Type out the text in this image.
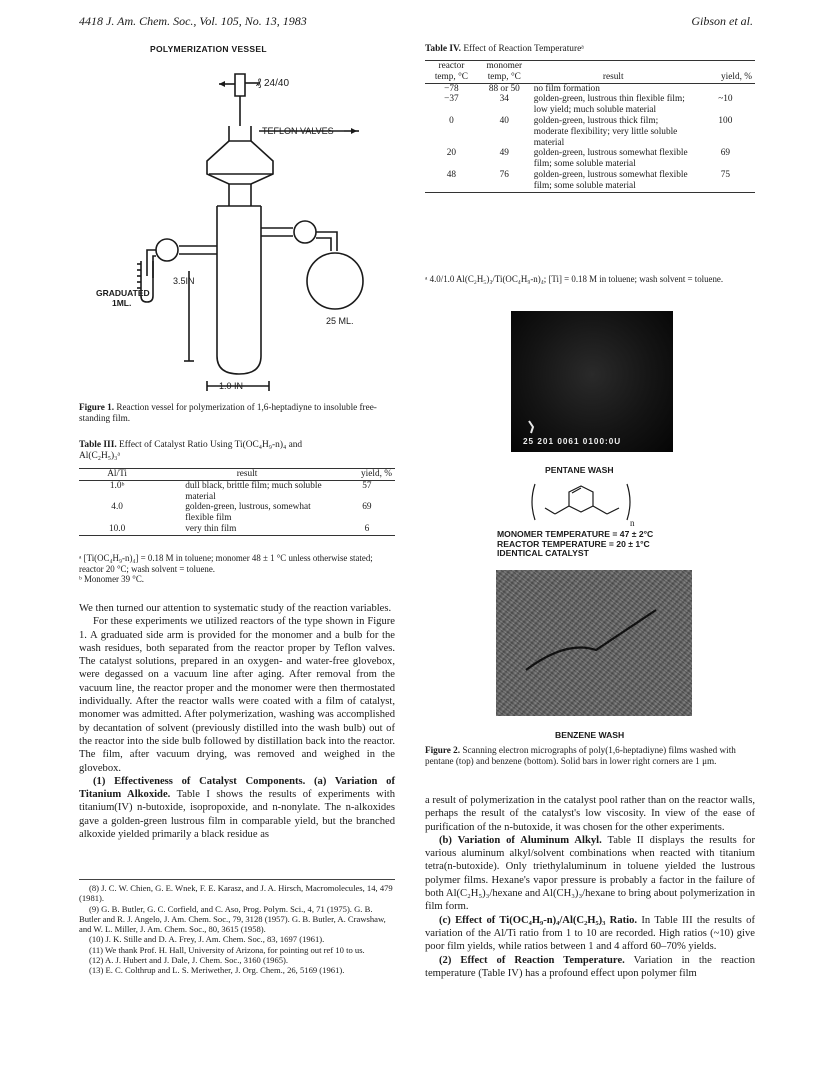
4418 J. Am. Chem. Soc., Vol. 105, No. 13, 1983	Gibson et al.
POLYMERIZATION VESSEL
₰ 24/40
TEFLON VALVES
3.5IN
GRADUATED
1ML.
25 ML.
1.0 IN
Figure 1. Reaction vessel for polymerization of 1,6-heptadiyne to insoluble free-standing film.
Table III. Effect of Catalyst Ratio Using Ti(OC₄H₉-n)₄ and Al(C₂H₅)₃ᵃ
Al/Ti	result	yield, %
1.0ᵇ	dull black, brittle film; much soluble material	57
4.0	golden-green, lustrous, somewhat flexible film	69
10.0	very thin film	6
ᵃ [Ti(OC₄H₉-n)₄] = 0.18 M in toluene; monomer 48 ± 1 °C unless otherwise stated; reactor 20 °C; wash solvent = toluene.
ᵇ Monomer 39 °C.

We then turned our attention to systematic study of the reaction variables.

For these experiments we utilized reactors of the type shown in Figure 1. A graduated side arm is provided for the monomer and a bulb for the wash residues, both separated from the reactor proper by Teflon valves. The catalyst solutions, prepared in an oxygen- and water-free glovebox, were degassed on a vacuum line after aging. After removal from the vacuum line, the reactor proper and the monomer were then thermostated individually. After the reactor walls were coated with a film of catalyst, monomer was admitted. After polymerization, washing was accomplished by decantation of solvent (previously distilled into the wash bulb) out of the reactor into the side bulb followed by distillation back into the reactor. The film, after vacuum drying, was removed and weighed in the glovebox.

(1) Effectiveness of Catalyst Components. (a) Variation of Titanium Alkoxide. Table I shows the results of experiments with titanium(IV) n-butoxide, isopropoxide, and n-nonylate. The n-alkoxides gave a golden-green lustrous film in comparable yield, but the branched alkoxide yielded primarily a black residue as

(8) J. C. W. Chien, G. E. Wnek, F. E. Karasz, and J. A. Hirsch, Macromolecules, 14, 479 (1981).
(9) G. B. Butler, G. C. Corfield, and C. Aso, Prog. Polym. Sci., 4, 71 (1975). G. B. Butler and R. J. Angelo, J. Am. Chem. Soc., 79, 3128 (1957). G. B. Butler, A. Crawshaw, and W. L. Miller, J. Am. Chem. Soc., 80, 3615 (1958).
(10) J. K. Stille and D. A. Frey, J. Am. Chem. Soc., 83, 1697 (1961).
(11) We thank Prof. H. Hall, University of Arizona, for pointing out ref 10 to us.
(12) A. J. Hubert and J. Dale, J. Chem. Soc., 3160 (1965).
(13) E. C. Colthrup and L. S. Meriwether, J. Org. Chem., 26, 5169 (1961).
Table IV. Effect of Reaction Temperatureᵃ
reactor temp, °C	monomer temp, °C	result	yield, %
−78	88 or 50	no film formation	
−37	34	golden-green, lustrous thin flexible film; low yield; much soluble material	~10
0	40	golden-green, lustrous thick film; moderate flexibility; very little soluble material	100
20	49	golden-green, lustrous somewhat flexible film; some soluble material	69
48	76	golden-green, lustrous somewhat flexible film; some soluble material	75
ᵃ 4.0/1.0 Al(C₂H₅)₃/Ti(OC₄H₉-n)₄; [Ti] = 0.18 M in toluene; wash solvent = toluene.
25 201 0061 0100:0U
PENTANE WASH
n
MONOMER TEMPERATURE = 47 ± 2°C
REACTOR TEMPERATURE = 20 ± 1°C
IDENTICAL CATALYST
BENZENE WASH
Figure 2. Scanning electron micrographs of poly(1,6-heptadiyne) films washed with pentane (top) and benzene (bottom). Solid bars in lower right corners are 1 μm.

a result of polymerization in the catalyst pool rather than on the reactor walls, perhaps the result of the catalyst's low viscosity. In view of the ease of purification of the n-butoxide, it was chosen for the other experiments.

(b) Variation of Aluminum Alkyl. Table II displays the results for various aluminum alkyl/solvent combinations when reacted with titanium tetra(n-butoxide). Only triethylaluminum in toluene yielded the lustrous polymer films. Hexane's vapor pressure is probably a factor in the failure of both Al(C₂H₅)₃/hexane and Al(CH₃)₃/hexane to bring about polymerization in film form.

(c) Effect of Ti(OC₄H₉-n)₄/Al(C₂H₅)₃ Ratio. In Table III the results of variation of the Al/Ti ratio from 1 to 10 are recorded. High ratios (~10) give poor film yields, while ratios between 1 and 4 afford 60–70% yields.

(2) Effect of Reaction Temperature. Variation in the reaction temperature (Table IV) has a profound effect upon polymer film
